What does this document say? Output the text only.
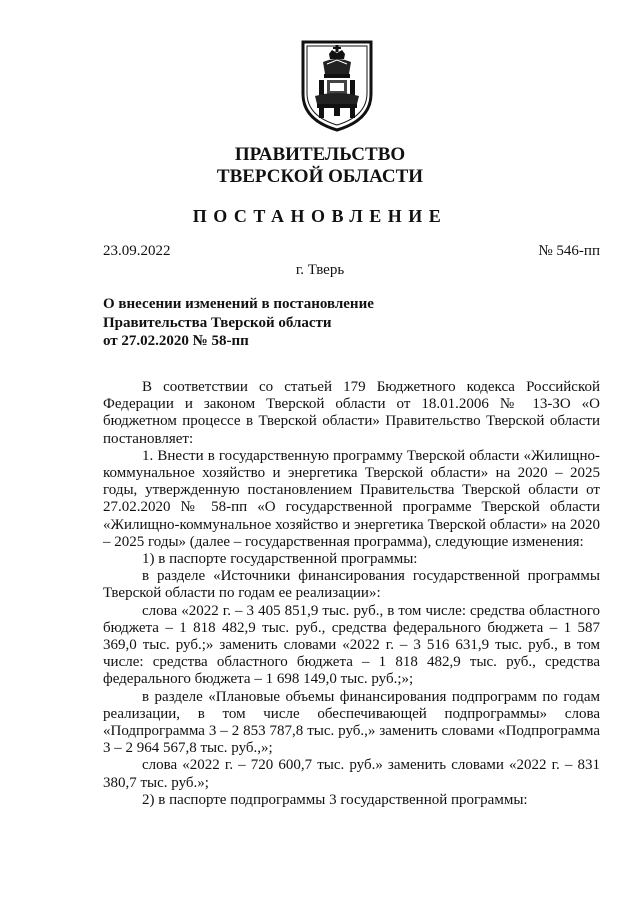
ПРАВИТЕЛЬСТВО
ТВЕРСКОЙ ОБЛАСТИ
ПОСТАНОВЛЕНИЕ
23.09.2022	№ 546-пп
г. Тверь
О внесении изменений в постановление
Правительства Тверской области
от 27.02.2020 № 58-пп

В соответствии со статьей 179 Бюджетного кодекса Российской Федерации и законом Тверской области от 18.01.2006 № 13-ЗО «О бюджетном процессе в Тверской области» Правительство Тверской области постановляет:

1. Внести в государственную программу Тверской области «Жилищно-коммунальное хозяйство и энергетика Тверской области» на 2020 – 2025 годы, утвержденную постановлением Правительства Тверской области от 27.02.2020 № 58-пп «О государственной программе Тверской области «Жилищно-коммунальное хозяйство и энергетика Тверской области» на 2020 – 2025 годы» (далее – государственная программа), следующие изменения:

1) в паспорте государственной программы:

в разделе «Источники финансирования государственной программы Тверской области по годам ее реализации»:

слова «2022 г. – 3 405 851,9 тыс. руб., в том числе: средства областного бюджета – 1 818 482,9 тыс. руб., средства федерального бюджета – 1 587 369,0 тыс. руб.;» заменить словами «2022 г. – 3 516 631,9 тыс. руб., в том числе: средства областного бюджета – 1 818 482,9 тыс. руб., средства федерального бюджета – 1 698 149,0 тыс. руб.;»;

в разделе «Плановые объемы финансирования подпрограмм по годам реализации, в том числе обеспечивающей подпрограммы» слова «Подпрограмма 3 – 2 853 787,8 тыс. руб.,» заменить словами «Подпрограмма 3 – 2 964 567,8 тыс. руб.,»;

слова «2022 г. – 720 600,7 тыс. руб.» заменить словами «2022 г. – 831 380,7 тыс. руб.»;

2) в паспорте подпрограммы 3 государственной программы:
